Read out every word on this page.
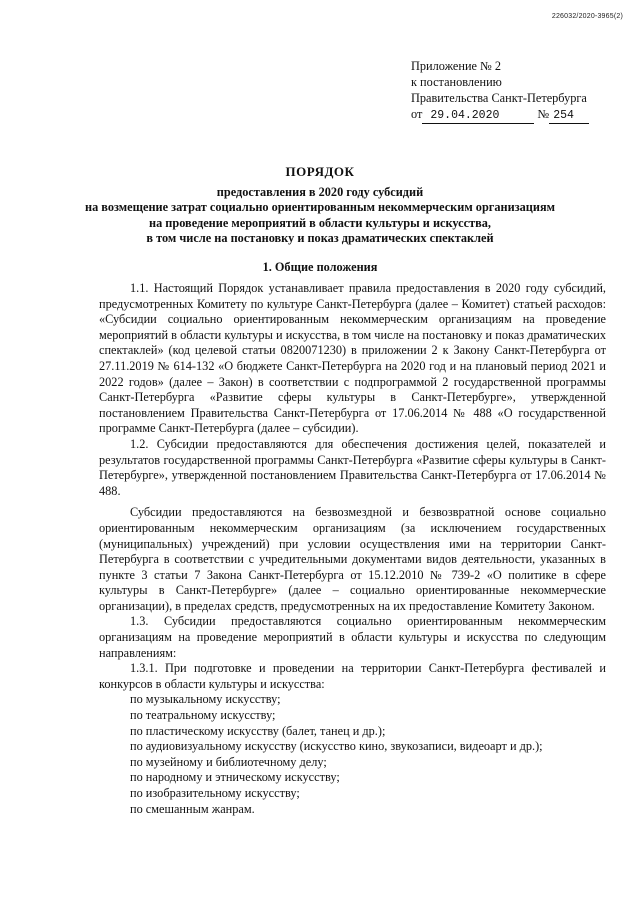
226032/2020-3965(2)
Приложение № 2
к постановлению
Правительства Санкт-Петербурга
от 29.04.2020	№ 254
ПОРЯДОК
предоставления в 2020 году субсидий
на возмещение затрат социально ориентированным некоммерческим организациям
на проведение мероприятий в области культуры и искусства,
в том числе на постановку и показ драматических спектаклей
1. Общие положения

1.1. Настоящий Порядок устанавливает правила предоставления в 2020 году субсидий, предусмотренных Комитету по культуре Санкт-Петербурга (далее – Комитет) статьей расходов: «Субсидии социально ориентированным некоммерческим организациям на проведение мероприятий в области культуры и искусства, в том числе на постановку и показ драматических спектаклей» (код целевой статьи 0820071230) в приложении 2 к Закону Санкт-Петербурга от 27.11.2019 № 614-132 «О бюджете Санкт-Петербурга на 2020 год и на плановый период 2021 и 2022 годов» (далее – Закон) в соответствии с подпрограммой 2 государственной программы Санкт-Петербурга «Развитие сферы культуры в Санкт-Петербурге», утвержденной постановлением Правительства Санкт-Петербурга от 17.06.2014 № 488 «О государственной программе Санкт-Петербурга (далее – субсидии).

1.2. Субсидии предоставляются для обеспечения достижения целей, показателей и результатов государственной программы Санкт-Петербурга «Развитие сферы культуры в Санкт-Петербурге», утвержденной постановлением Правительства Санкт-Петербурга от 17.06.2014 № 488.

Субсидии предоставляются на безвозмездной и безвозвратной основе социально ориентированным некоммерческим организациям (за исключением государственных (муниципальных) учреждений) при условии осуществления ими на территории Санкт-Петербурга в соответствии с учредительными документами видов деятельности, указанных в пункте 3 статьи 7 Закона Санкт-Петербурга от 15.12.2010 № 739-2 «О политике в сфере культуры в Санкт-Петербурге» (далее – социально ориентированные некоммерческие организации), в пределах средств, предусмотренных на их предоставление Комитету Законом.

1.3. Субсидии предоставляются социально ориентированным некоммерческим организациям на проведение мероприятий в области культуры и искусства по следующим направлениям:

1.3.1. При подготовке и проведении на территории Санкт-Петербурга фестивалей и конкурсов в области культуры и искусства:

по музыкальному искусству;
по театральному искусству;
по пластическому искусству (балет, танец и др.);
по аудиовизуальному искусству (искусство кино, звукозаписи, видеоарт и др.);
по музейному и библиотечному делу;
по народному и этническому искусству;
по изобразительному искусству;
по смешанным жанрам.
